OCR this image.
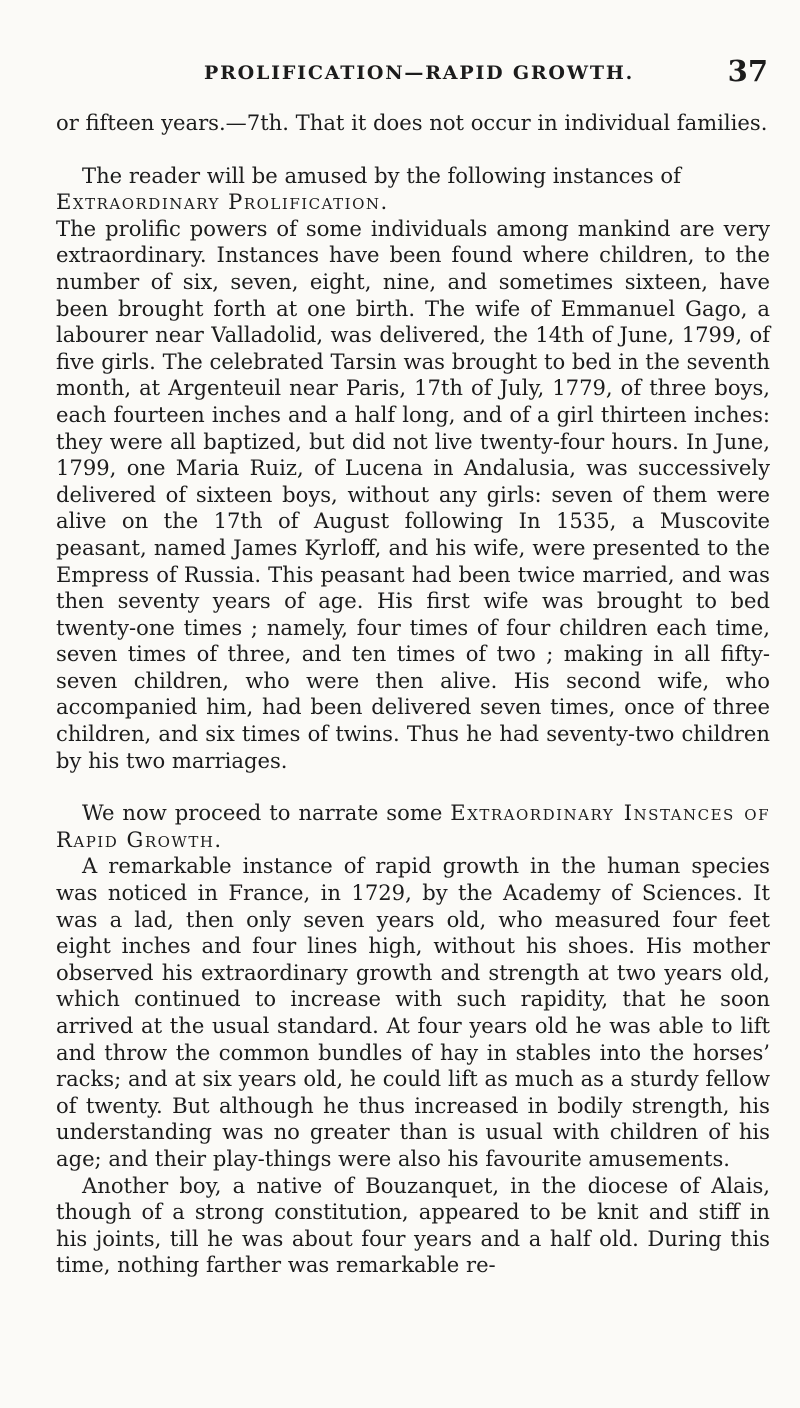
PROLIFICATION—RAPID GROWTH.	37

or fifteen years.—7th. That it does not occur in individual families.

The reader will be amused by the following instances of
Extraordinary Prolification.
The prolific powers of some individuals among mankind are very extraordinary. Instances have been found where children, to the number of six, seven, eight, nine, and sometimes sixteen, have been brought forth at one birth. The wife of Emmanuel Gago, a labourer near Valladolid, was delivered, the 14th of June, 1799, of five girls. The celebrated Tarsin was brought to bed in the seventh month, at Argenteuil near Paris, 17th of July, 1779, of three boys, each fourteen inches and a half long, and of a girl thirteen inches: they were all baptized, but did not live twenty-four hours. In June, 1799, one Maria Ruiz, of Lucena in Andalusia, was successively delivered of sixteen boys, without any girls: seven of them were alive on the 17th of August following In 1535, a Muscovite peasant, named James Kyrloff, and his wife, were presented to the Empress of Russia. This peasant had been twice married, and was then seventy years of age. His first wife was brought to bed twenty-one times ; namely, four times of four children each time, seven times of three, and ten times of two ; making in all fifty-seven children, who were then alive. His second wife, who accompanied him, had been delivered seven times, once of three children, and six times of twins. Thus he had seventy-two children by his two marriages.

We now proceed to narrate some Extraordinary Instances of Rapid Growth.

A remarkable instance of rapid growth in the human species was noticed in France, in 1729, by the Academy of Sciences. It was a lad, then only seven years old, who measured four feet eight inches and four lines high, without his shoes. His mother observed his extraordinary growth and strength at two years old, which continued to increase with such rapidity, that he soon arrived at the usual standard. At four years old he was able to lift and throw the common bundles of hay in stables into the horses’ racks; and at six years old, he could lift as much as a sturdy fellow of twenty. But although he thus increased in bodily strength, his understanding was no greater than is usual with children of his age; and their play-things were also his favourite amusements.

Another boy, a native of Bouzanquet, in the diocese of Alais, though of a strong constitution, appeared to be knit and stiff in his joints, till he was about four years and a half old. During this time, nothing farther was remarkable re-
